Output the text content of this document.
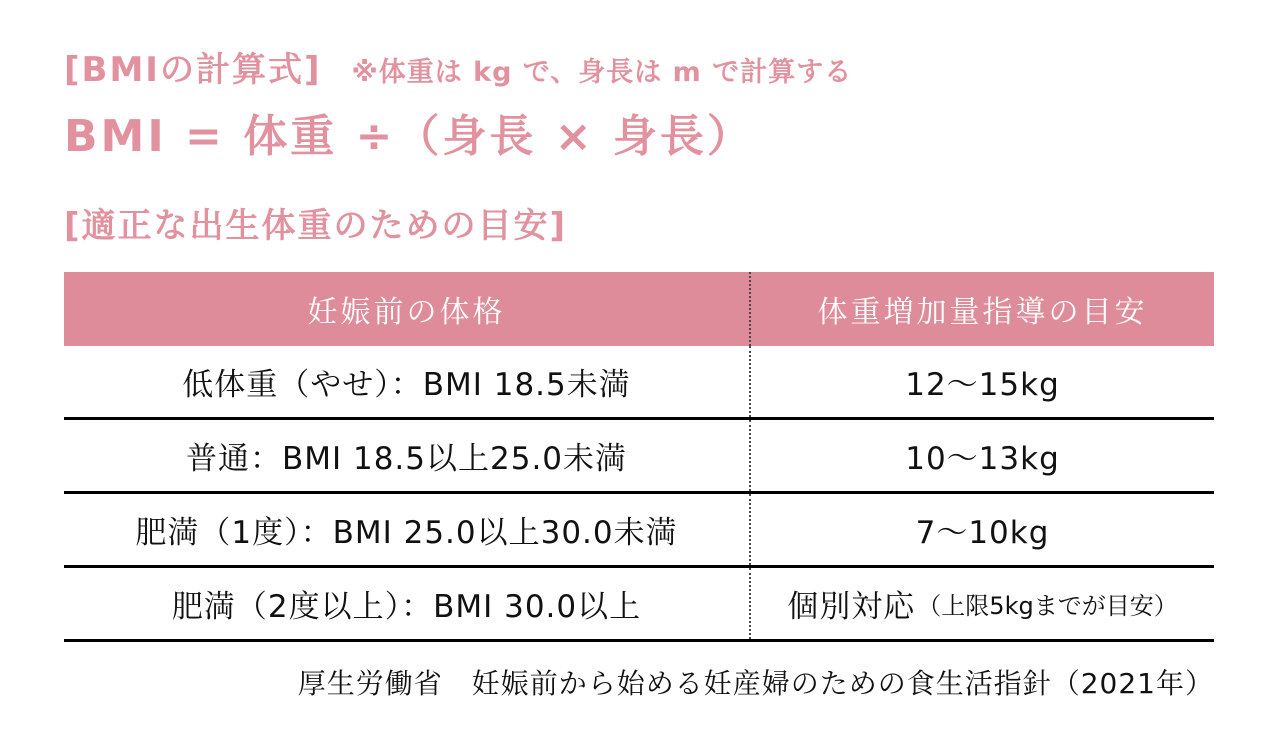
[BMIの計算式] ※体重は kg で、身長は m で計算する
BMI = 体重 ÷（身長 × 身長）
[適正な出生体重のための目安]
妊娠前の体格	体重増加量指導の目安
低体重（やせ）：BMI 18.5未満	12〜15kg
普通：BMI 18.5以上25.0未満	10〜13kg
肥満（1度）：BMI 25.0以上30.0未満	7〜10kg
肥満（2度以上）：BMI 30.0以上	個別対応 （上限5kgまでが目安）
厚生労働省　妊娠前から始める妊産婦のための食生活指針（2021年）
